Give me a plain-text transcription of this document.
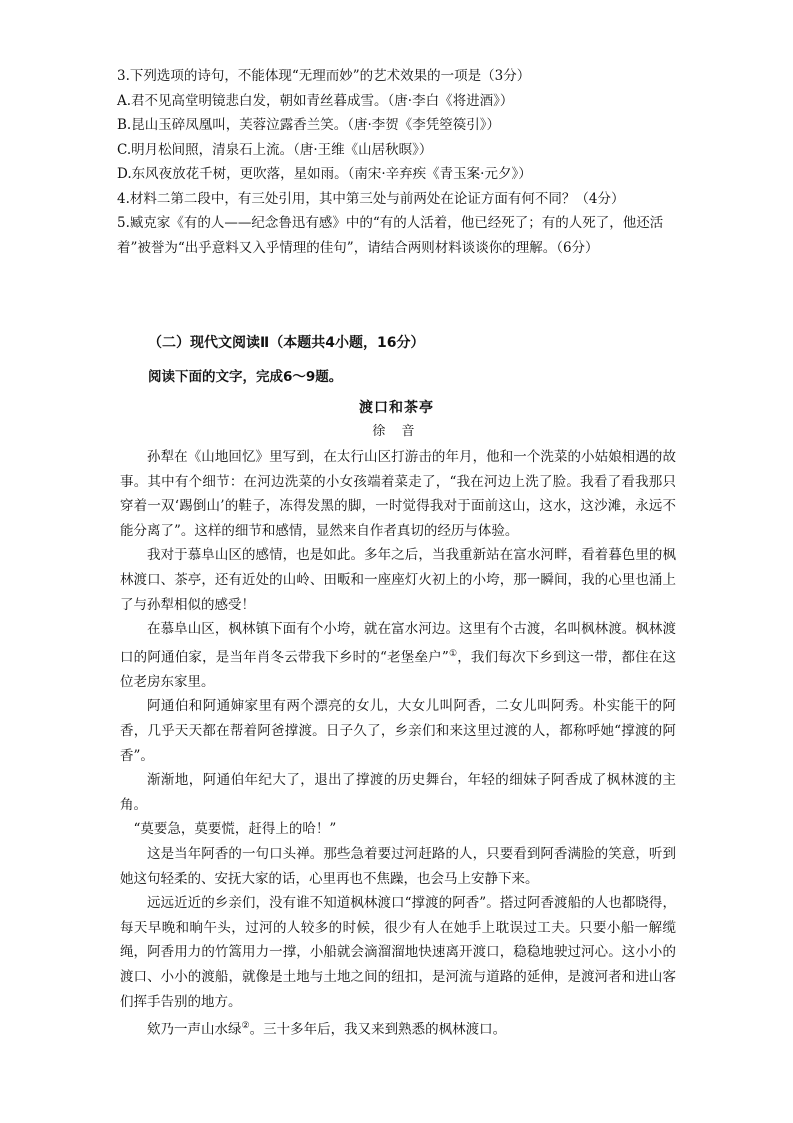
3.下列选项的诗句，不能体现“无理而妙”的艺术效果的一项是（3分）

A.君不见高堂明镜悲白发，朝如青丝暮成雪。（唐·李白《将进酒》）

B.昆山玉碎凤凰叫，芙蓉泣露香兰笑。（唐·李贺《李凭箜篌引》）

C.明月松间照，清泉石上流。（唐·王维《山居秋暝》）

D.东风夜放花千树，更吹落，星如雨。（南宋·辛弃疾《青玉案·元夕》）

4.材料二第二段中，有三处引用，其中第三处与前两处在论证方面有何不同？（4分）

5.臧克家《有的人——纪念鲁迅有感》中的“有的人活着，他已经死了；有的人死了，他还活着”被誉为“出乎意料又入乎情理的佳句”，请结合两则材料谈谈你的理解。（6分）

（二）现代文阅读Ⅱ（本题共4小题，16分）
阅读下面的文字，完成6～9题。
渡口和茶亭
徐 音

孙犁在《山地回忆》里写到，在太行山区打游击的年月，他和一个洗菜的小姑娘相遇的故事。其中有个细节：在河边洗菜的小女孩端着菜走了，“我在河边上洗了脸。我看了看我那只穿着一双‘踢倒山’的鞋子，冻得发黑的脚，一时觉得我对于面前这山，这水，这沙滩，永远不能分离了”。这样的细节和感情，显然来自作者真切的经历与体验。

我对于慕阜山区的感情，也是如此。多年之后，当我重新站在富水河畔，看着暮色里的枫林渡口、茶亭，还有近处的山岭、田畈和一座座灯火初上的小垮，那一瞬间，我的心里也涌上了与孙犁相似的感受！

在慕阜山区，枫林镇下面有个小垮，就在富水河边。这里有个古渡，名叫枫林渡。枫林渡口的阿通伯家，是当年肖冬云带我下乡时的“老堡垒户”①，我们每次下乡到这一带，都住在这位老房东家里。

阿通伯和阿通婶家里有两个漂亮的女儿，大女儿叫阿香，二女儿叫阿秀。朴实能干的阿香，几乎天天都在帮着阿爸撑渡。日子久了，乡亲们和来这里过渡的人，都称呼她“撑渡的阿香”。

渐渐地，阿通伯年纪大了，退出了撑渡的历史舞台，年轻的细妹子阿香成了枫林渡的主角。

“莫要急，莫要慌，赶得上的哈！”

这是当年阿香的一句口头禅。那些急着要过河赶路的人，只要看到阿香满脸的笑意，听到她这句轻柔的、安抚大家的话，心里再也不焦躁，也会马上安静下来。

远远近近的乡亲们，没有谁不知道枫林渡口“撑渡的阿香”。搭过阿香渡船的人也都晓得，每天早晚和晌午头，过河的人较多的时候，很少有人在她手上耽误过工夫。只要小船一解缆绳，阿香用力的竹篙用力一撑，小船就会滴溜溜地快速离开渡口，稳稳地驶过河心。这小小的渡口、小小的渡船，就像是土地与土地之间的纽扣，是河流与道路的延伸，是渡河者和进山客们挥手告别的地方。

欸乃一声山水绿②。三十多年后，我又来到熟悉的枫林渡口。
